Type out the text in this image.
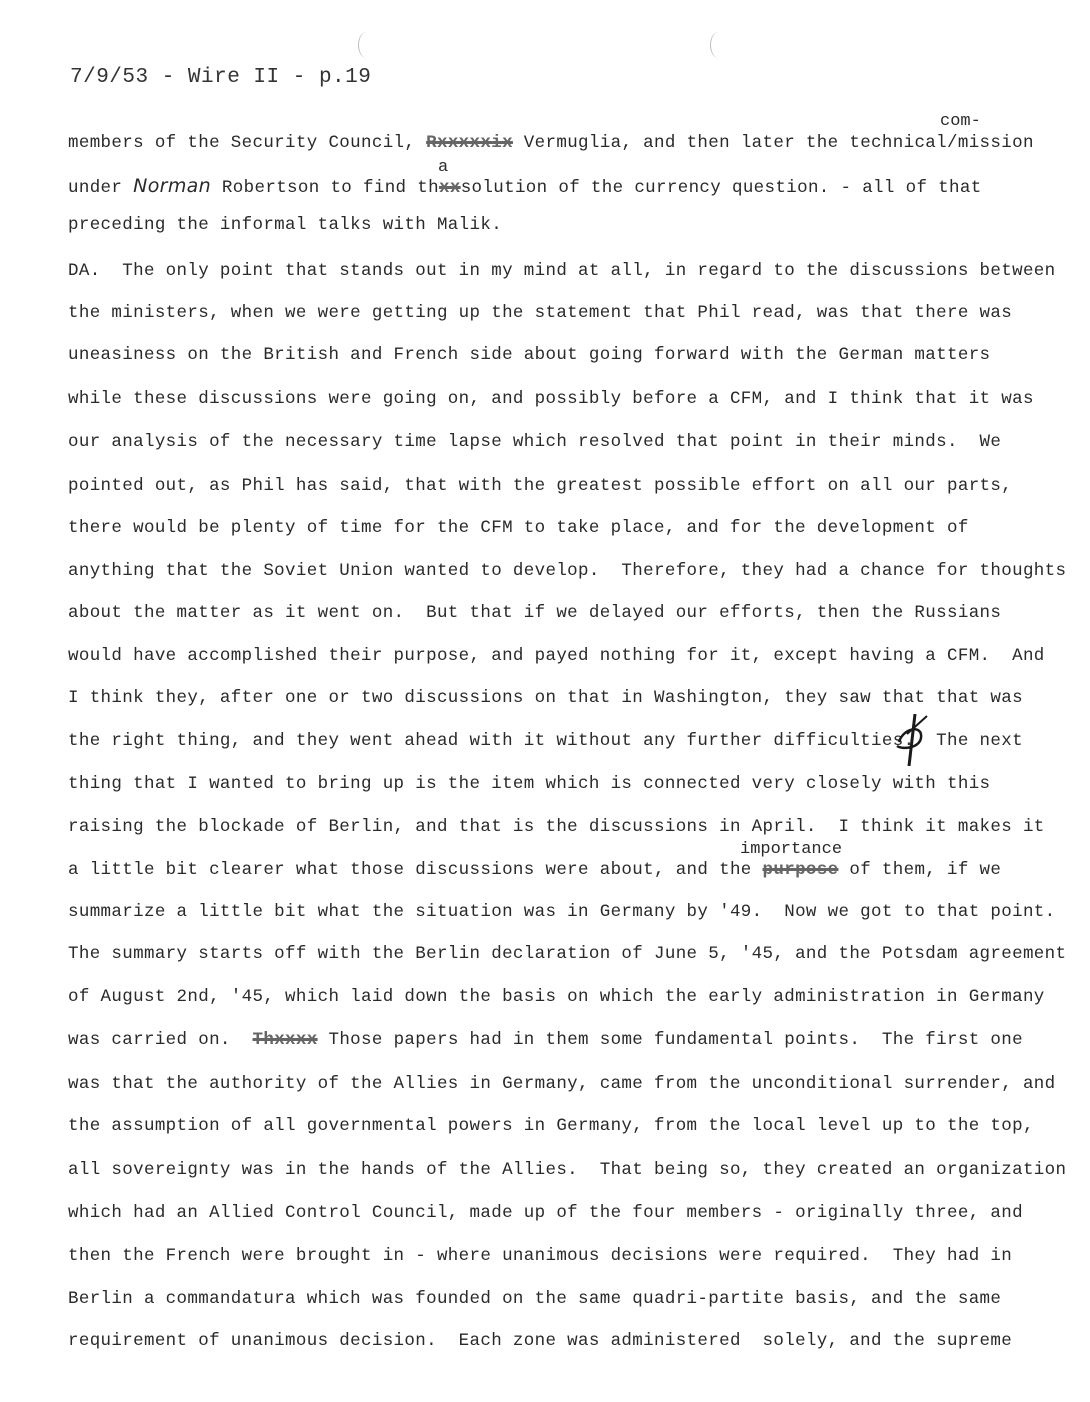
7/9/53 - Wire II - p.19
com-
a
importance
members of the Security Council, Rxxxxxix Vermuglia, and then later the technical/mission
under Norman Robertson to find thxxsolution of the currency question. - all of that
preceding the informal talks with Malik.
DA.  The only point that stands out in my mind at all, in regard to the discussions between
the ministers, when we were getting up the statement that Phil read, was that there was
uneasiness on the British and French side about going forward with the German matters
while these discussions were going on, and possibly before a CFM, and I think that it was
our analysis of the necessary time lapse which resolved that point in their minds.  We
pointed out, as Phil has said, that with the greatest possible effort on all our parts,
there would be plenty of time for the CFM to take place, and for the development of
anything that the Soviet Union wanted to develop.  Therefore, they had a chance for thoughts
about the matter as it went on.  But that if we delayed our efforts, then the Russians
would have accomplished their purpose, and payed nothing for it, except having a CFM.  And
I think they, after one or two discussions on that in Washington, they saw that that was
the right thing, and they went ahead with it without any further difficulties.  The next
thing that I wanted to bring up is the item which is connected very closely with this
raising the blockade of Berlin, and that is the discussions in April.  I think it makes it
a little bit clearer what those discussions were about, and the purpose of them, if we
summarize a little bit what the situation was in Germany by '49.  Now we got to that point.
The summary starts off with the Berlin declaration of June 5, '45, and the Potsdam agreement
of August 2nd, '45, which laid down the basis on which the early administration in Germany
was carried on.  Thxxxx Those papers had in them some fundamental points.  The first one
was that the authority of the Allies in Germany, came from the unconditional surrender, and
the assumption of all governmental powers in Germany, from the local level up to the top,
all sovereignty was in the hands of the Allies.  That being so, they created an organization
which had an Allied Control Council, made up of the four members - originally three, and
then the French were brought in - where unanimous decisions were required.  They had in
Berlin a commandatura which was founded on the same quadri-partite basis, and the same
requirement of unanimous decision.  Each zone was administered  solely, and the supreme
